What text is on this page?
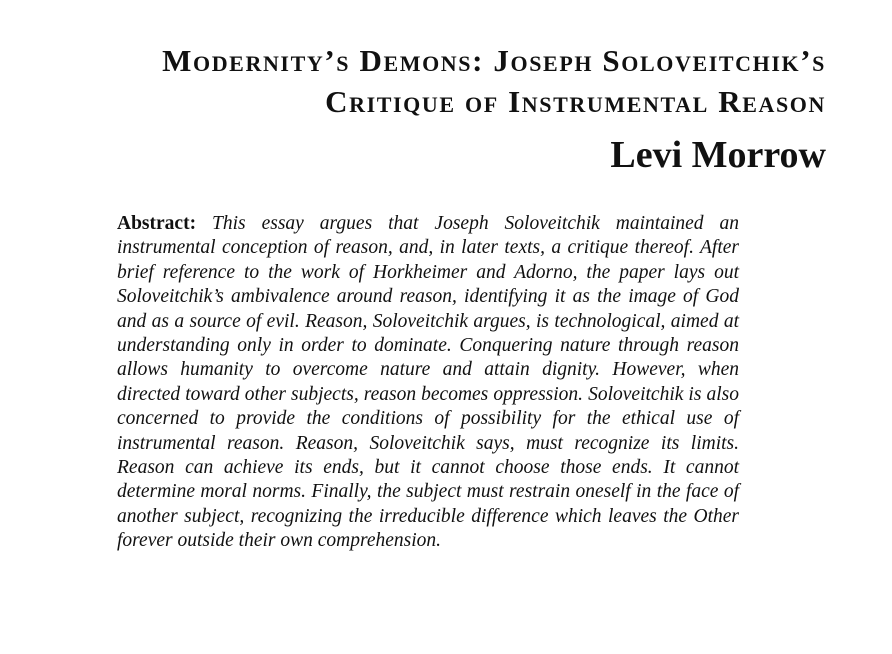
Modernity’s Demons: Joseph Soloveitchik’s
Critique of Instrumental Reason
Levi Morrow
Abstract: This essay argues that Joseph Soloveitchik maintained an instrumental conception of reason, and, in later texts, a critique thereof. After brief reference to the work of Horkheimer and Adorno, the paper lays out Soloveitchik’s ambivalence around reason, identifying it as the image of God and as a source of evil. Reason, Soloveitchik argues, is technological, aimed at understanding only in order to dominate. Conquering nature through reason allows humanity to overcome nature and attain dignity. However, when directed toward other subjects, reason becomes oppression. Soloveitchik is also concerned to provide the conditions of possibility for the ethical use of instrumental reason. Reason, Soloveitchik says, must recognize its limits. Reason can achieve its ends, but it cannot choose those ends. It cannot determine moral norms. Finally, the subject must restrain oneself in the face of another subject, recognizing the irreducible difference which leaves the Other forever outside their own comprehension.
